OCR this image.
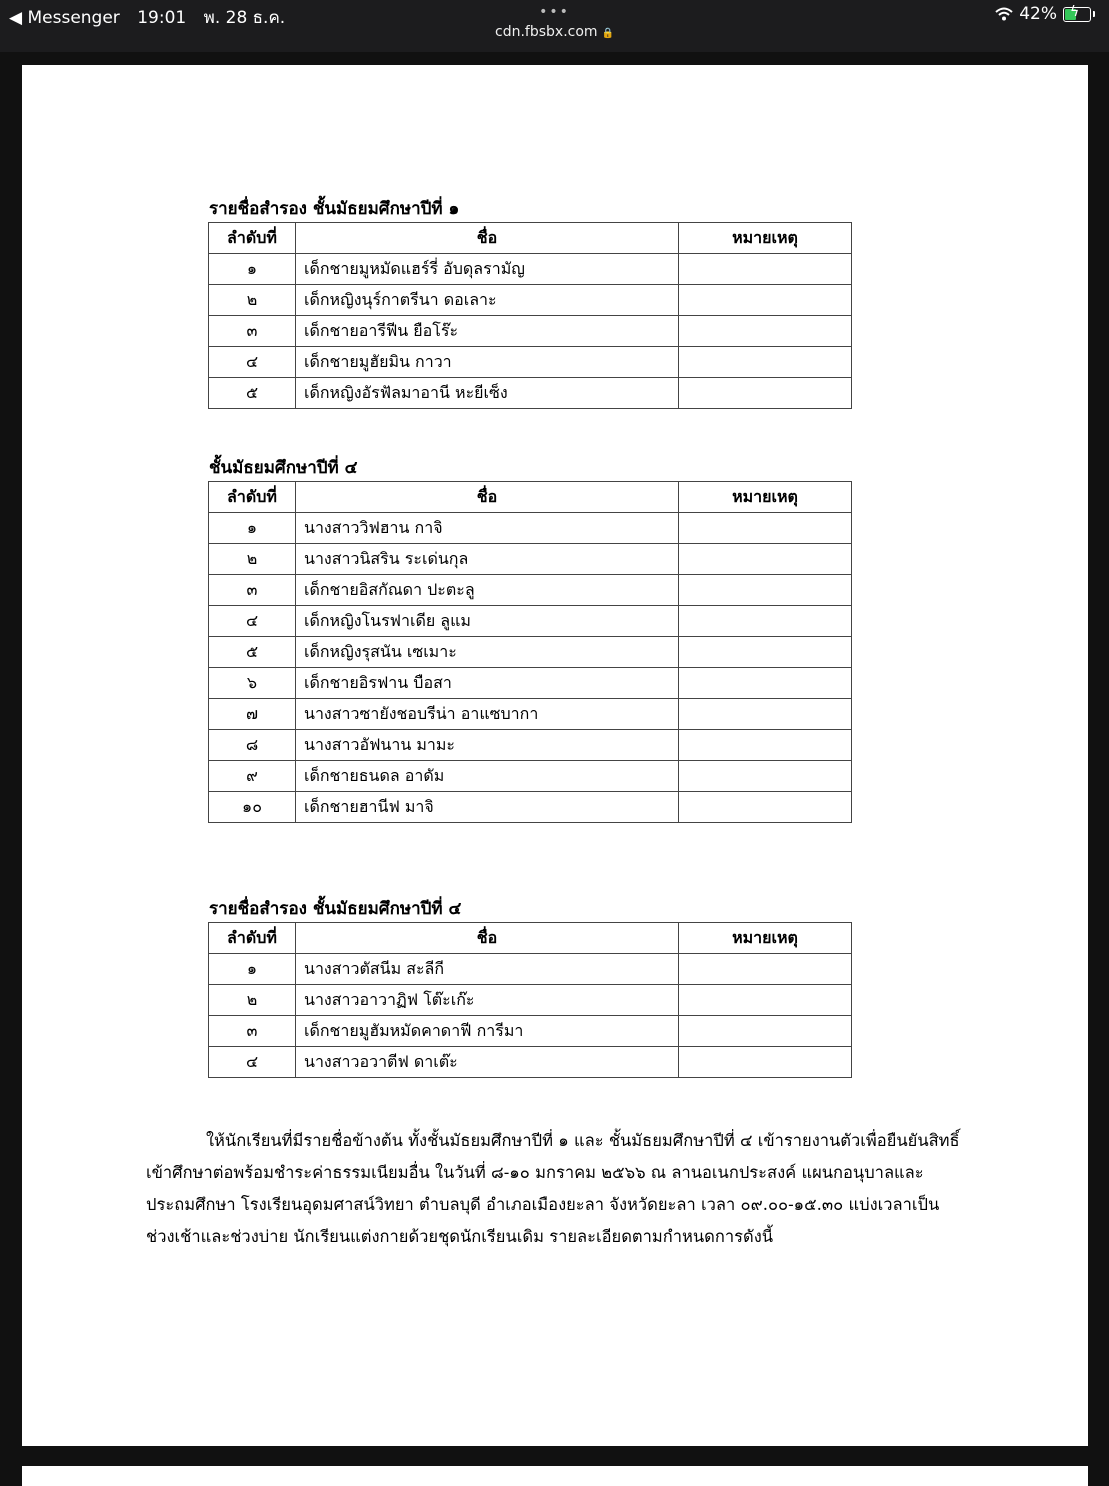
◀ Messenger 19:01 พ. 28 ธ.ค.	•••
cdn.fbsbx.com 🔒
42% ϟ
รายชื่อสำรอง ชั้นมัธยมศึกษาปีที่ ๑
ลำดับที่	ชื่อ	หมายเหตุ
๑	เด็กชายมูหมัดแฮร์รี่ อับดุลรามัญ	
๒	เด็กหญิงนุร์กาตรีนา ดอเลาะ	
๓	เด็กชายอารีฟีน ยือโร๊ะ	
๔	เด็กชายมูฮัยมิน กาวา	
๕	เด็กหญิงอัรฟัลมาอานี หะยีเซ็ง	
ชั้นมัธยมศึกษาปีที่ ๔
ลำดับที่	ชื่อ	หมายเหตุ
๑	นางสาววิฟฮาน กาจิ	
๒	นางสาวนิสริน ระเด่นกุล	
๓	เด็กชายอิสกัณดา ปะตะลู	
๔	เด็กหญิงโนรฟาเดีย ลูแม	
๕	เด็กหญิงรุสนัน เซเมาะ	
๖	เด็กชายอิรฟาน บือสา	
๗	นางสาวซายังชอบรีน่า อาแซบากา	
๘	นางสาวอัฟนาน มามะ	
๙	เด็กชายธนดล อาดัม	
๑๐	เด็กชายฮานีฟ มาจิ	
รายชื่อสำรอง ชั้นมัธยมศึกษาปีที่ ๔
ลำดับที่	ชื่อ	หมายเหตุ
๑	นางสาวตัสนีม สะลีกี	
๒	นางสาวอาวาฏิฟ โต๊ะเก๊ะ	
๓	เด็กชายมูฮัมหมัดคาดาฟี การีมา	
๔	นางสาวอวาตีฟ ดาเต๊ะ	
ให้นักเรียนที่มีรายชื่อข้างต้น ทั้งชั้นมัธยมศึกษาปีที่ ๑ และ ชั้นมัธยมศึกษาปีที่ ๔ เข้ารายงานตัวเพื่อยืนยันสิทธิ์เข้าศึกษาต่อพร้อมชำระค่าธรรมเนียมอื่น ในวันที่ ๘-๑๐ มกราคม ๒๕๖๖ ณ ลานอเนกประสงค์ แผนกอนุบาลและประถมศึกษา โรงเรียนอุดมศาสน์วิทยา ตำบลบุดี อำเภอเมืองยะลา จังหวัดยะลา เวลา ๐๙.๐๐-๑๕.๓๐ แบ่งเวลาเป็นช่วงเช้าและช่วงบ่าย นักเรียนแต่งกายด้วยชุดนักเรียนเดิม รายละเอียดตามกำหนดการดังนี้
